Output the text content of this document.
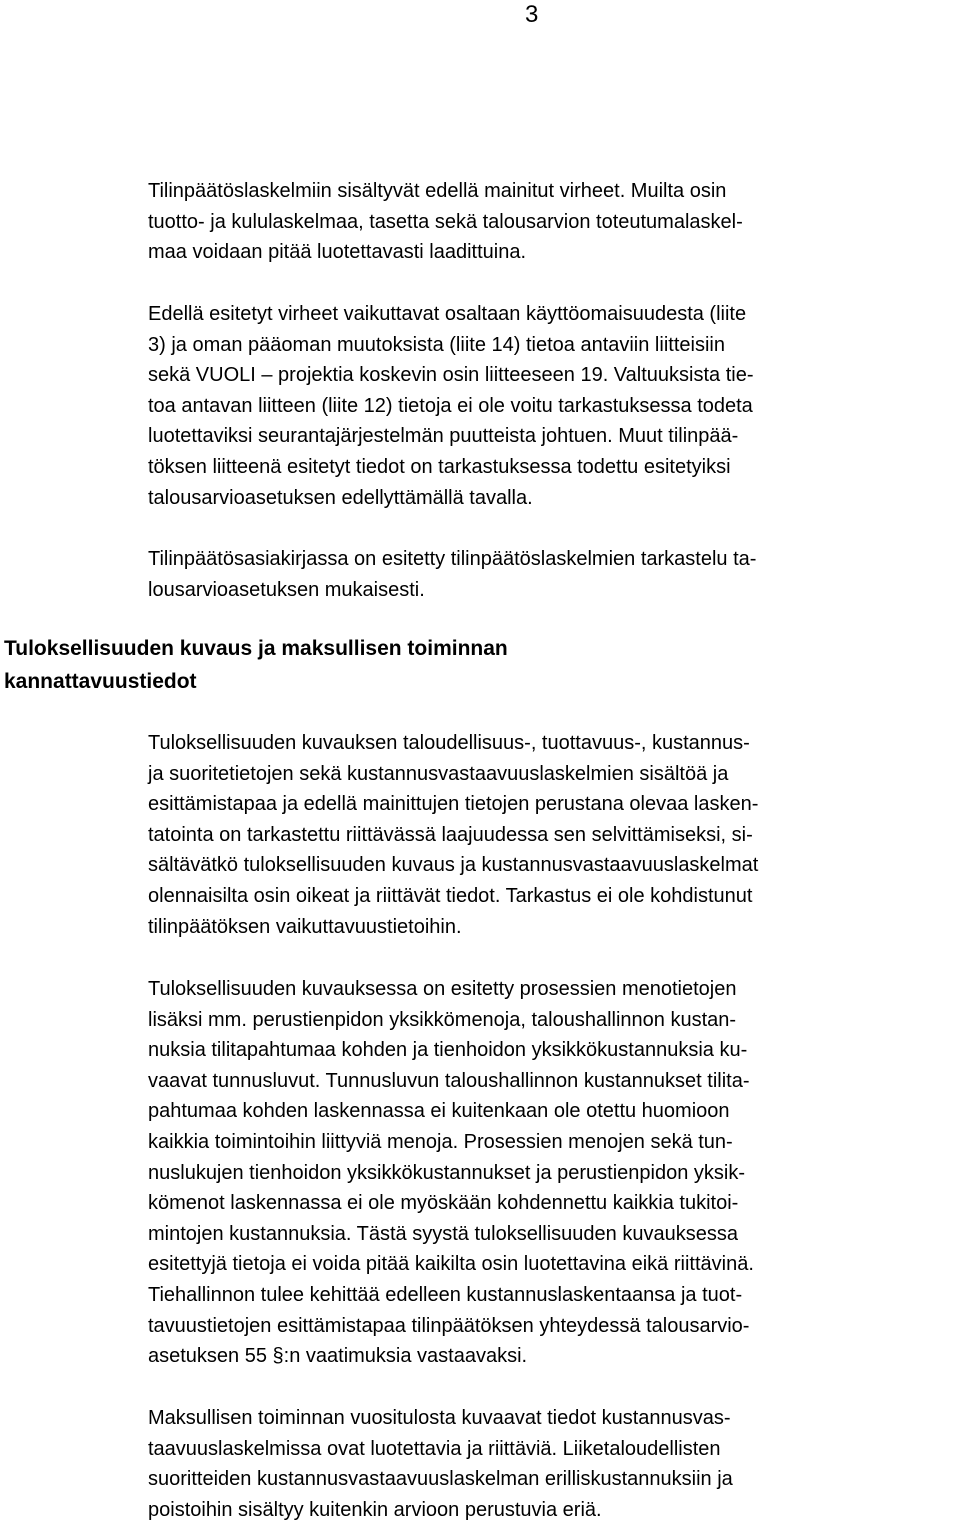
3
Tilinpäätöslaskelmiin sisältyvät edellä mainitut virheet. Muilta osin
tuotto- ja kululaskelmaa, tasetta sekä talousarvion toteutumalaskel-
maa voidaan pitää luotettavasti laadittuina.
Edellä esitetyt virheet vaikuttavat osaltaan käyttöomaisuudesta (liite
3) ja oman pääoman muutoksista (liite 14) tietoa antaviin liitteisiin
sekä VUOLI – projektia koskevin osin liitteeseen 19. Valtuuksista tie-
toa antavan liitteen (liite 12) tietoja ei ole voitu tarkastuksessa todeta
luotettaviksi seurantajärjestelmän puutteista johtuen. Muut tilinpää-
töksen liitteenä esitetyt tiedot on tarkastuksessa todettu esitetyiksi
talousarvioasetuksen edellyttämällä tavalla.
Tilinpäätösasiakirjassa on esitetty tilinpäätöslaskelmien tarkastelu ta-
lousarvioasetuksen mukaisesti.
Tuloksellisuuden kuvaus ja maksullisen toiminnan
kannattavuustiedot
Tuloksellisuuden kuvauksen taloudellisuus-, tuottavuus-, kustannus-
ja suoritetietojen sekä kustannusvastaavuuslaskelmien sisältöä ja
esittämistapaa ja edellä mainittujen tietojen perustana olevaa lasken-
tatointa on tarkastettu riittävässä laajuudessa sen selvittämiseksi, si-
sältävätkö tuloksellisuuden kuvaus ja kustannusvastaavuuslaskelmat
olennaisilta osin oikeat ja riittävät tiedot. Tarkastus ei ole kohdistunut
tilinpäätöksen vaikuttavuustietoihin.
Tuloksellisuuden kuvauksessa on esitetty prosessien menotietojen
lisäksi mm. perustienpidon yksikkömenoja, taloushallinnon kustan-
nuksia tilitapahtumaa kohden ja tienhoidon yksikkökustannuksia ku-
vaavat tunnusluvut. Tunnusluvun taloushallinnon kustannukset tilita-
pahtumaa kohden laskennassa ei kuitenkaan ole otettu huomioon
kaikkia toimintoihin liittyviä menoja. Prosessien menojen sekä tun-
nuslukujen tienhoidon yksikkökustannukset ja perustienpidon yksik-
kömenot laskennassa ei ole myöskään kohdennettu kaikkia tukitoi-
mintojen kustannuksia. Tästä syystä tuloksellisuuden kuvauksessa
esitettyjä tietoja ei voida pitää kaikilta osin luotettavina eikä riittävinä.
Tiehallinnon tulee kehittää edelleen kustannuslaskentaansa ja tuot-
tavuustietojen esittämistapaa tilinpäätöksen yhteydessä talousarvio-
asetuksen 55 §:n vaatimuksia vastaavaksi.
Maksullisen toiminnan vuositulosta kuvaavat tiedot kustannusvas-
taavuuslaskelmissa ovat luotettavia ja riittäviä. Liiketaloudellisten
suoritteiden kustannusvastaavuuslaskelman erilliskustannuksiin ja
poistoihin sisältyy kuitenkin arvioon perustuvia eriä.
